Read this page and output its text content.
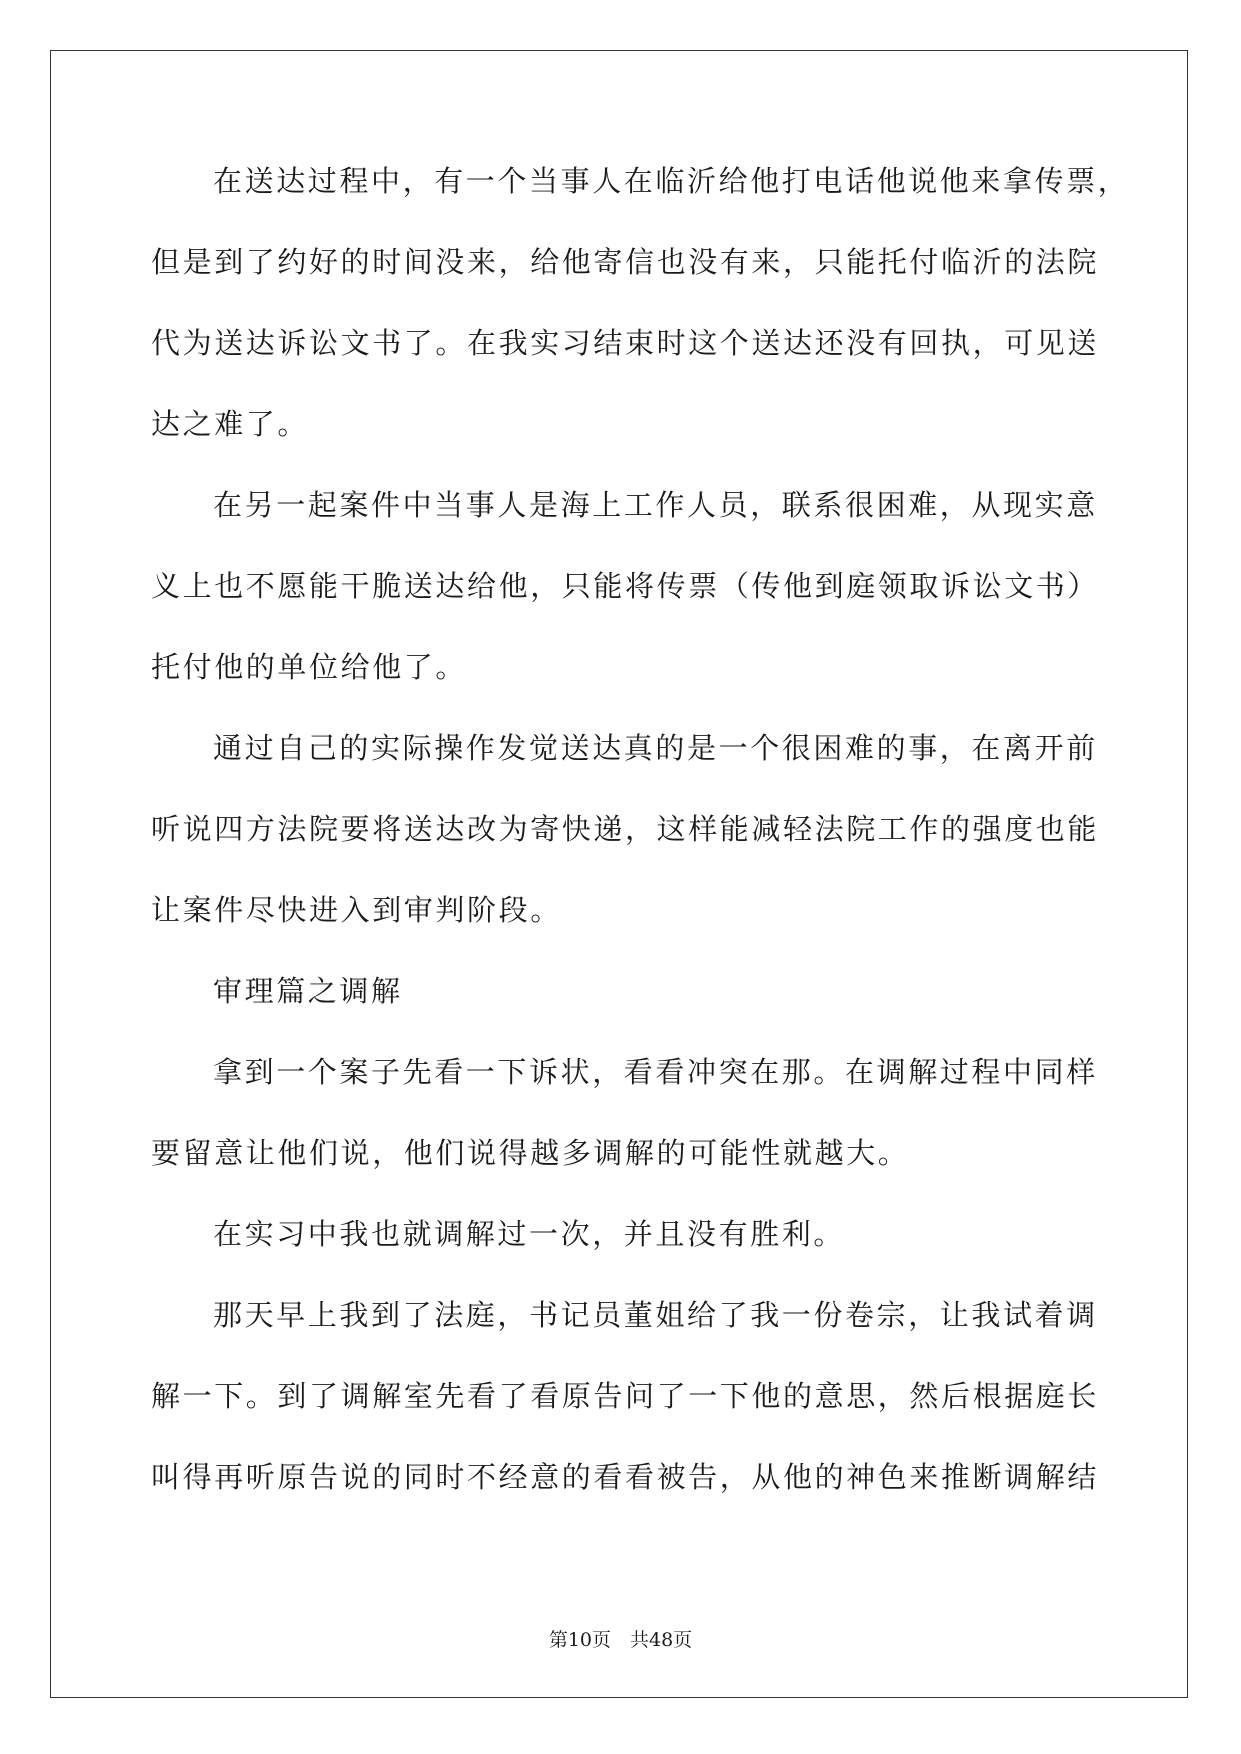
在送达过程中，有一个当事人在临沂给他打电话他说他来拿传票，
但是到了约好的时间没来，给他寄信也没有来，只能托付临沂的法院
代为送达诉讼文书了。在我实习结束时这个送达还没有回执，可见送
达之难了。
在另一起案件中当事人是海上工作人员，联系很困难，从现实意
义上也不愿能干脆送达给他，只能将传票（传他到庭领取诉讼文书）
托付他的单位给他了。
通过自己的实际操作发觉送达真的是一个很困难的事，在离开前
听说四方法院要将送达改为寄快递，这样能减轻法院工作的强度也能
让案件尽快进入到审判阶段。
审理篇之调解
拿到一个案子先看一下诉状，看看冲突在那。在调解过程中同样
要留意让他们说，他们说得越多调解的可能性就越大。
在实习中我也就调解过一次，并且没有胜利。
那天早上我到了法庭，书记员董姐给了我一份卷宗，让我试着调
解一下。到了调解室先看了看原告问了一下他的意思，然后根据庭长
叫得再听原告说的同时不经意的看看被告，从他的神色来推断调解结
第10页  共48页
